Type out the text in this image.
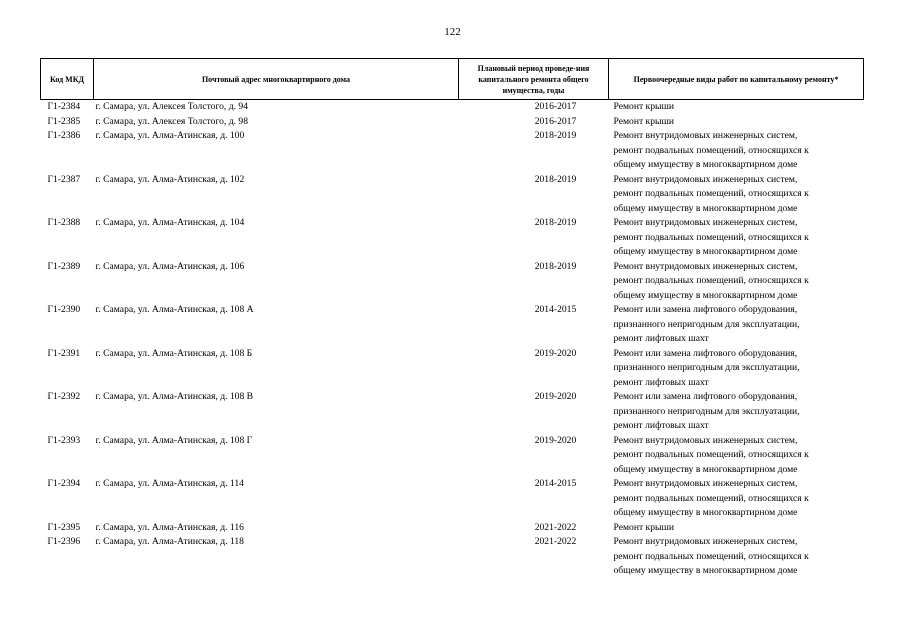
122
Код МКД	Почтовый адрес многоквартирного дома	Плановый период проведе-ния капитального ремонта общего имущества, годы	Первоочередные виды работ по капитальному ремонту*
Г1-2384	г. Самара, ул. Алексея Толстого, д. 94	2016-2017	Ремонт крыши

Г1-2385	г. Самара, ул. Алексея Толстого, д. 98	2016-2017	Ремонт крыши

Г1-2386	г. Самара, ул. Алма-Атинская, д. 100	2018-2019	Ремонт внутридомовых инженерных систем,
ремонт подвальных помещений, относящихся к
общему имуществу в многоквартирном доме

Г1-2387	г. Самара, ул. Алма-Атинская, д. 102	2018-2019	Ремонт внутридомовых инженерных систем,
ремонт подвальных помещений, относящихся к
общему имуществу в многоквартирном доме

Г1-2388	г. Самара, ул. Алма-Атинская, д. 104	2018-2019	Ремонт внутридомовых инженерных систем,
ремонт подвальных помещений, относящихся к
общему имуществу в многоквартирном доме

Г1-2389	г. Самара, ул. Алма-Атинская, д. 106	2018-2019	Ремонт внутридомовых инженерных систем,
ремонт подвальных помещений, относящихся к
общему имуществу в многоквартирном доме

Г1-2390	г. Самара, ул. Алма-Атинская, д. 108 А	2014-2015	Ремонт или замена лифтового оборудования,
признанного непригодным для эксплуатации,
ремонт лифтовых шахт

Г1-2391	г. Самара, ул. Алма-Атинская, д. 108 Б	2019-2020	Ремонт или замена лифтового оборудования,
признанного непригодным для эксплуатации,
ремонт лифтовых шахт

Г1-2392	г. Самара, ул. Алма-Атинская, д. 108 В	2019-2020	Ремонт или замена лифтового оборудования,
признанного непригодным для эксплуатации,
ремонт лифтовых шахт

Г1-2393	г. Самара, ул. Алма-Атинская, д. 108 Г	2019-2020	Ремонт внутридомовых инженерных систем,
ремонт подвальных помещений, относящихся к
общему имуществу в многоквартирном доме

Г1-2394	г. Самара, ул. Алма-Атинская, д. 114	2014-2015	Ремонт внутридомовых инженерных систем,
ремонт подвальных помещений, относящихся к
общему имуществу в многоквартирном доме

Г1-2395	г. Самара, ул. Алма-Атинская, д. 116	2021-2022	Ремонт крыши

Г1-2396	г. Самара, ул. Алма-Атинская, д. 118	2021-2022	Ремонт внутридомовых инженерных систем,
ремонт подвальных помещений, относящихся к
общему имуществу в многоквартирном доме
